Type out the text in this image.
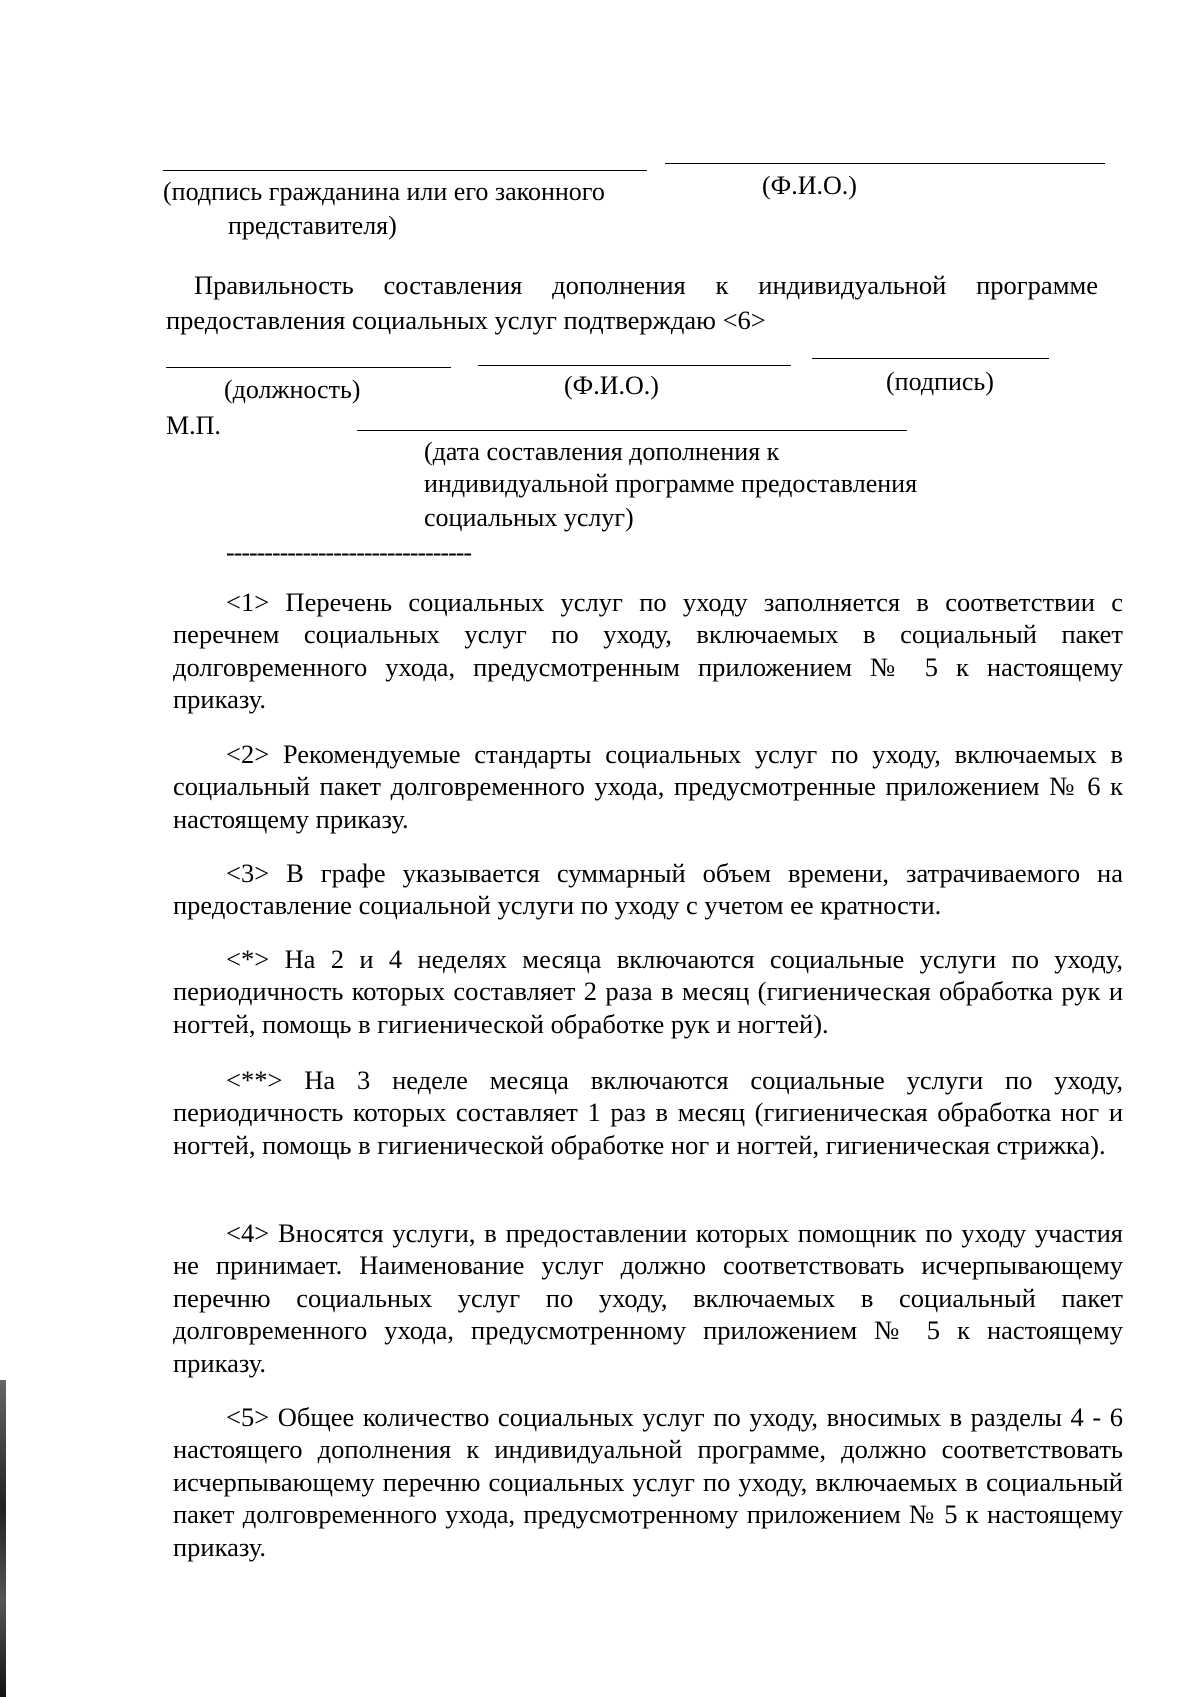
(подпись гражданина или его законного
представителя)
(Ф.И.О.)

Правильность составления дополнения к индивидуальной программе предоставления социальных услуг подтверждаю <6>

(должность)	(Ф.И.О.)	(подпись)
М.П.
(дата составления дополнения к
индивидуальной программе предоставления
социальных услуг)
--------------------------------

<1> Перечень социальных услуг по уходу заполняется в соответствии с перечнем социальных услуг по уходу, включаемых в социальный пакет долговременного ухода, предусмотренным приложением № 5 к настоящему приказу.

<2> Рекомендуемые стандарты социальных услуг по уходу, включаемых в социальный пакет долговременного ухода, предусмотренные приложением № 6 к настоящему приказу.

<3> В графе указывается суммарный объем времени, затрачиваемого на предоставление социальной услуги по уходу с учетом ее кратности.

<*> На 2 и 4 неделях месяца включаются социальные услуги по уходу, периодичность которых составляет 2 раза в месяц (гигиеническая обработка рук и ногтей, помощь в гигиенической обработке рук и ногтей).

<**> На 3 неделе месяца включаются социальные услуги по уходу, периодичность которых составляет 1 раз в месяц (гигиеническая обработка ног и ногтей, помощь в гигиенической обработке ног и ногтей, гигиеническая стрижка).

<4> Вносятся услуги, в предоставлении которых помощник по уходу участия не принимает. Наименование услуг должно соответствовать исчерпывающему перечню социальных услуг по уходу, включаемых в социальный пакет долговременного ухода, предусмотренному приложением № 5 к настоящему приказу.

<5> Общее количество социальных услуг по уходу, вносимых в разделы 4 - 6 настоящего дополнения к индивидуальной программе, должно соответствовать исчерпывающему перечню социальных услуг по уходу, включаемых в социальный пакет долговременного ухода, предусмотренному приложением № 5 к настоящему приказу.
